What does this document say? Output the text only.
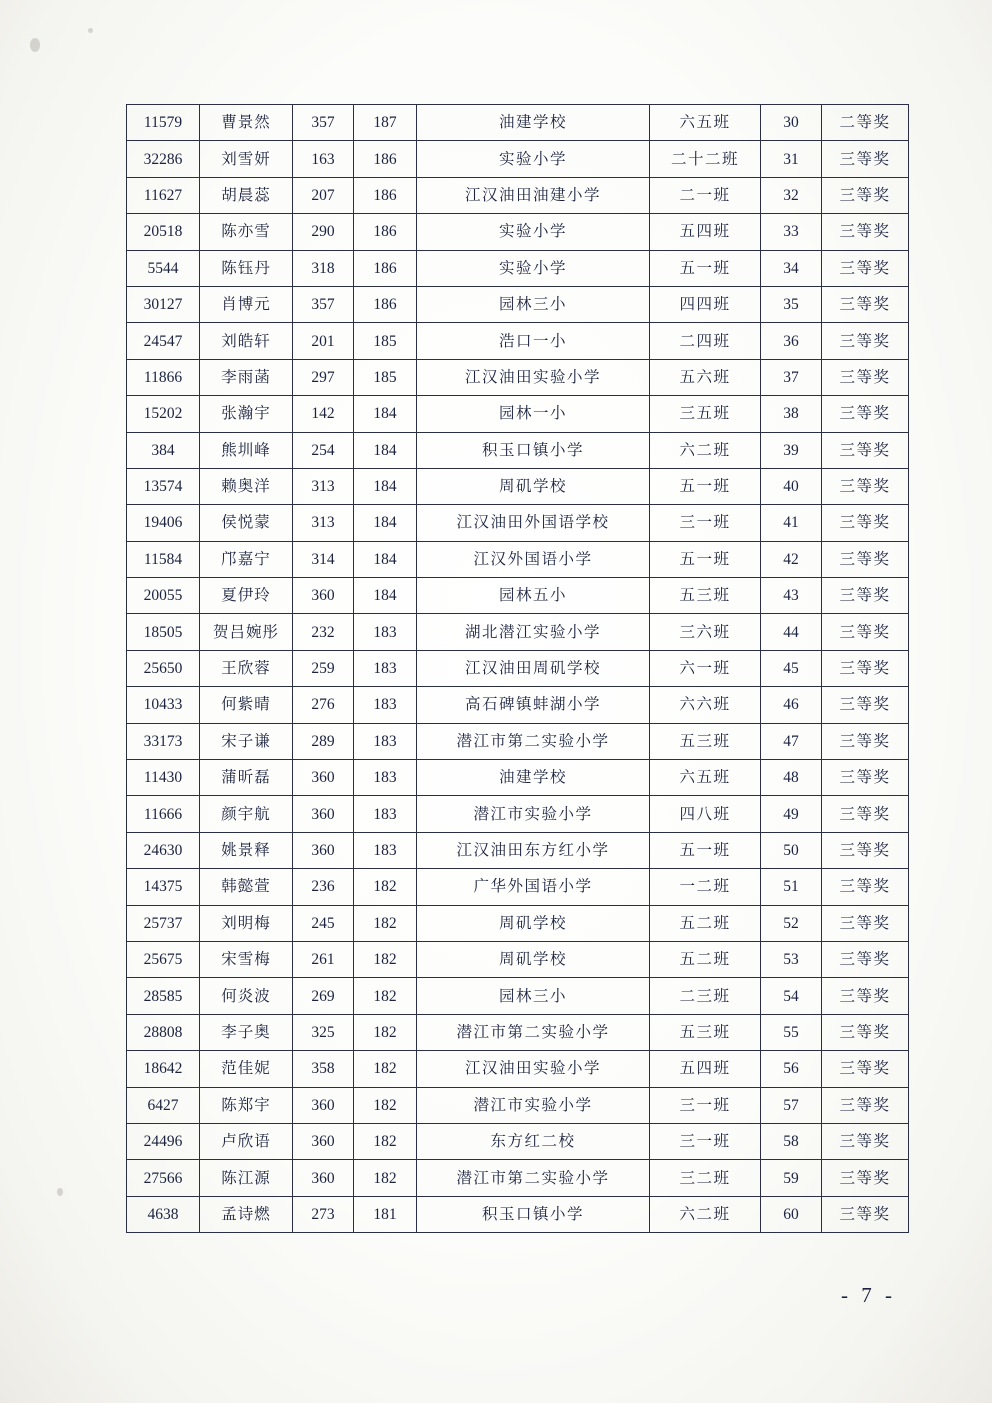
11579	曹景然	357	187	油建学校	六五班	30	二等奖
32286	刘雪妍	163	186	实验小学	二十二班	31	三等奖
11627	胡晨蕊	207	186	江汉油田油建小学	二一班	32	三等奖
20518	陈亦雪	290	186	实验小学	五四班	33	三等奖
5544	陈钰丹	318	186	实验小学	五一班	34	三等奖
30127	肖博元	357	186	园林三小	四四班	35	三等奖
24547	刘皓轩	201	185	浩口一小	二四班	36	三等奖
11866	李雨菡	297	185	江汉油田实验小学	五六班	37	三等奖
15202	张瀚宇	142	184	园林一小	三五班	38	三等奖
384	熊圳峰	254	184	积玉口镇小学	六二班	39	三等奖
13574	赖奥洋	313	184	周矶学校	五一班	40	三等奖
19406	侯悦蒙	313	184	江汉油田外国语学校	三一班	41	三等奖
11584	邝嘉宁	314	184	江汉外国语小学	五一班	42	三等奖
20055	夏伊玲	360	184	园林五小	五三班	43	三等奖
18505	贺吕婉彤	232	183	湖北潜江实验小学	三六班	44	三等奖
25650	王欣蓉	259	183	江汉油田周矶学校	六一班	45	三等奖
10433	何紫晴	276	183	高石碑镇蚌湖小学	六六班	46	三等奖
33173	宋子谦	289	183	潜江市第二实验小学	五三班	47	三等奖
11430	蒲昕磊	360	183	油建学校	六五班	48	三等奖
11666	颜宇航	360	183	潜江市实验小学	四八班	49	三等奖
24630	姚景释	360	183	江汉油田东方红小学	五一班	50	三等奖
14375	韩懿萱	236	182	广华外国语小学	一二班	51	三等奖
25737	刘明梅	245	182	周矶学校	五二班	52	三等奖
25675	宋雪梅	261	182	周矶学校	五二班	53	三等奖
28585	何炎波	269	182	园林三小	二三班	54	三等奖
28808	李子奥	325	182	潜江市第二实验小学	五三班	55	三等奖
18642	范佳妮	358	182	江汉油田实验小学	五四班	56	三等奖
6427	陈郑宇	360	182	潜江市实验小学	三一班	57	三等奖
24496	卢欣语	360	182	东方红二校	三一班	58	三等奖
27566	陈江源	360	182	潜江市第二实验小学	三二班	59	三等奖
4638	孟诗燃	273	181	积玉口镇小学	六二班	60	三等奖
- 7 -
